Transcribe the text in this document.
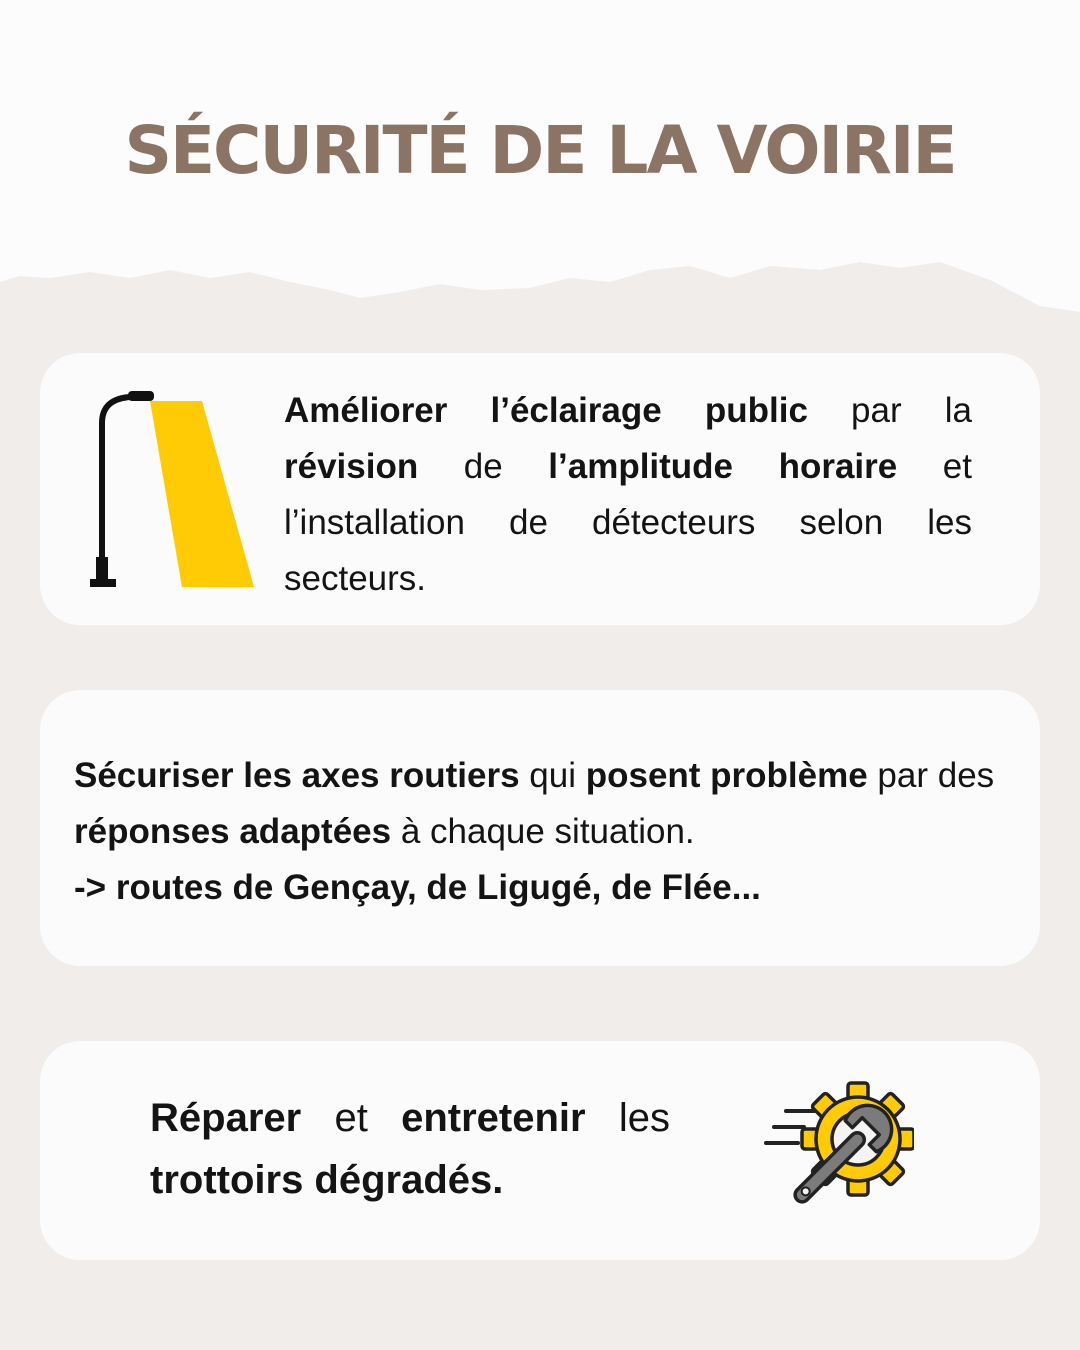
SÉCURITÉ DE LA VOIRIE
Améliorer l’éclairage public par la révision de l’amplitude horaire et l’installation de détecteurs selon les secteurs.
Sécuriser les axes routiers qui posent problème par des réponses adaptées à chaque situation.
-> routes de Gençay, de Ligugé, de Flée...
Réparer et entretenir les trottoirs dégradés.
